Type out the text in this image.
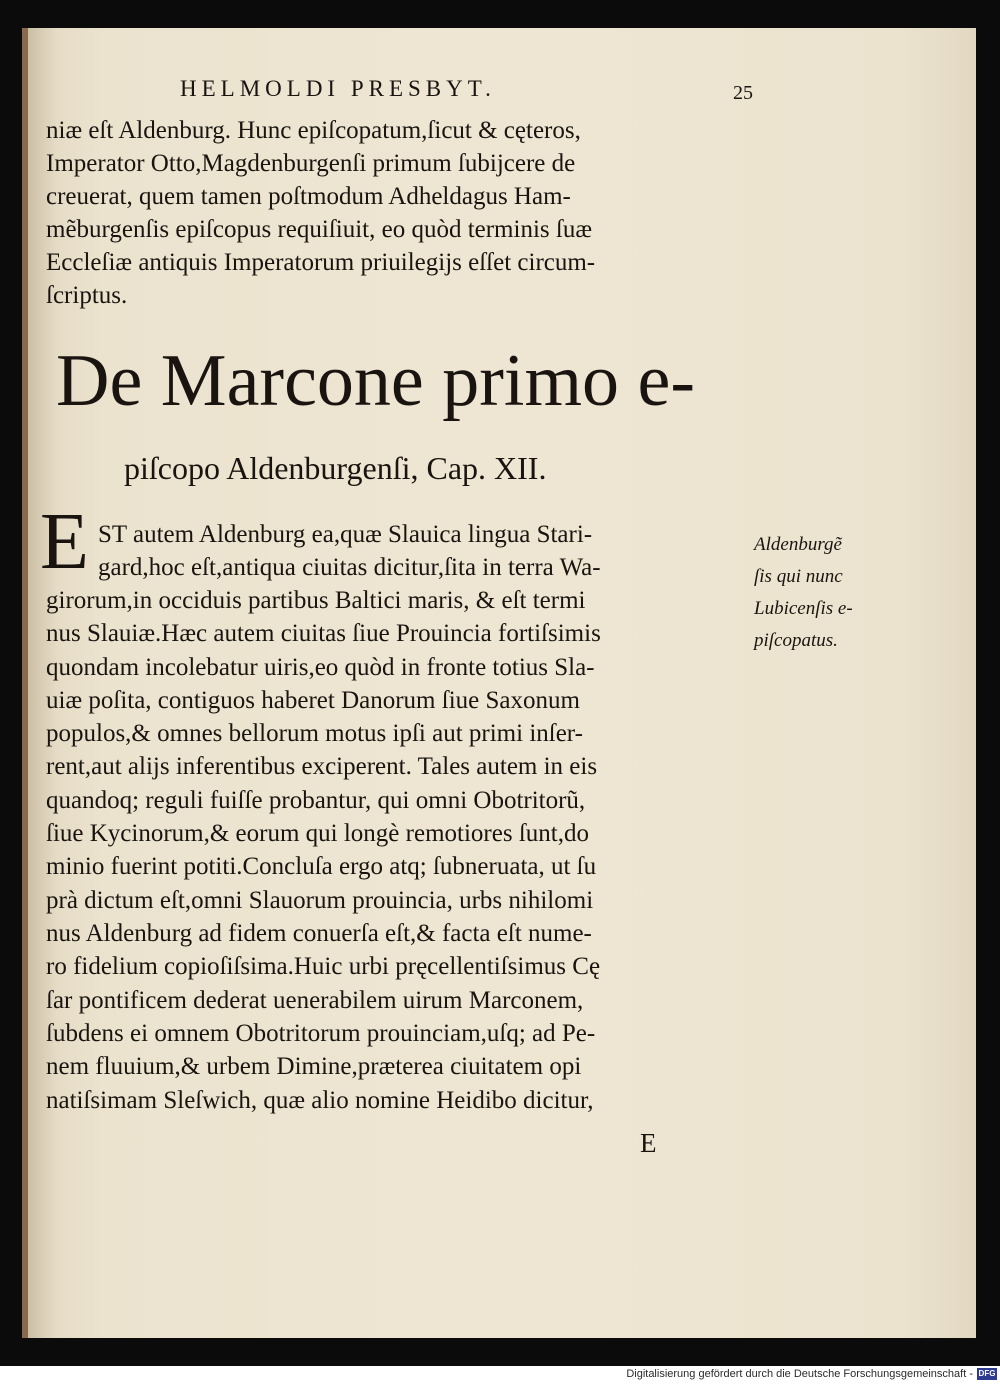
HELMOLDI PRESBYT.	25
niæ eſt Aldenburg. Hunc epiſcopatum,ſicut & cęteros,
Imperator Otto,Magdenburgenſi primum ſubijcere de
creuerat, quem tamen poſtmodum Adheldagus Ham-
mẽburgenſis epiſcopus requiſiuit, eo quòd terminis ſuæ
Eccleſiæ antiquis Imperatorum priuilegijs eſſet circum-
ſcriptus.
De Marcone primo e-
piſcopo Aldenburgenſi, Cap. XII.
E ST autem Aldenburg ea,quæ Slauica lingua Stari-
gard,hoc eſt,antiqua ciuitas dicitur,ſita in terra Wa-
girorum,in occiduis partibus Baltici maris, & eſt termi
nus Slauiæ.Hæc autem ciuitas ſiue Prouincia fortiſsimis
quondam incolebatur uiris,eo quòd in fronte totius Sla-
uiæ poſita, contiguos haberet Danorum ſiue Saxonum
populos,& omnes bellorum motus ipſi aut primi inſer-
rent,aut alijs inferentibus exciperent. Tales autem in eis
quandoq; reguli fuiſſe probantur, qui omni Obotritorũ,
ſiue Kycinorum,& eorum qui longè remotiores ſunt,do
minio fuerint potiti.Concluſa ergo atq; ſubneruata, ut ſu
prà dictum eſt,omni Slauorum prouincia, urbs nihilomi
nus Aldenburg ad fidem conuerſa eſt,& facta eſt nume-
ro fidelium copioſiſsima.Huic urbi pręcellentiſsimus Cę
ſar pontificem dederat uenerabilem uirum Marconem,
ſubdens ei omnem Obotritorum prouinciam,uſq; ad Pe-
nem fluuium,& urbem Dimine,præterea ciuitatem opi
natiſsimam Sleſwich, quæ alio nomine Heidibo dicitur,
Aldenburgẽ
ſis qui nunc
Lubicenſis e-
piſcopatus.
E
Digitalisierung gefördert durch die Deutsche Forschungsgemeinschaft - DFG
